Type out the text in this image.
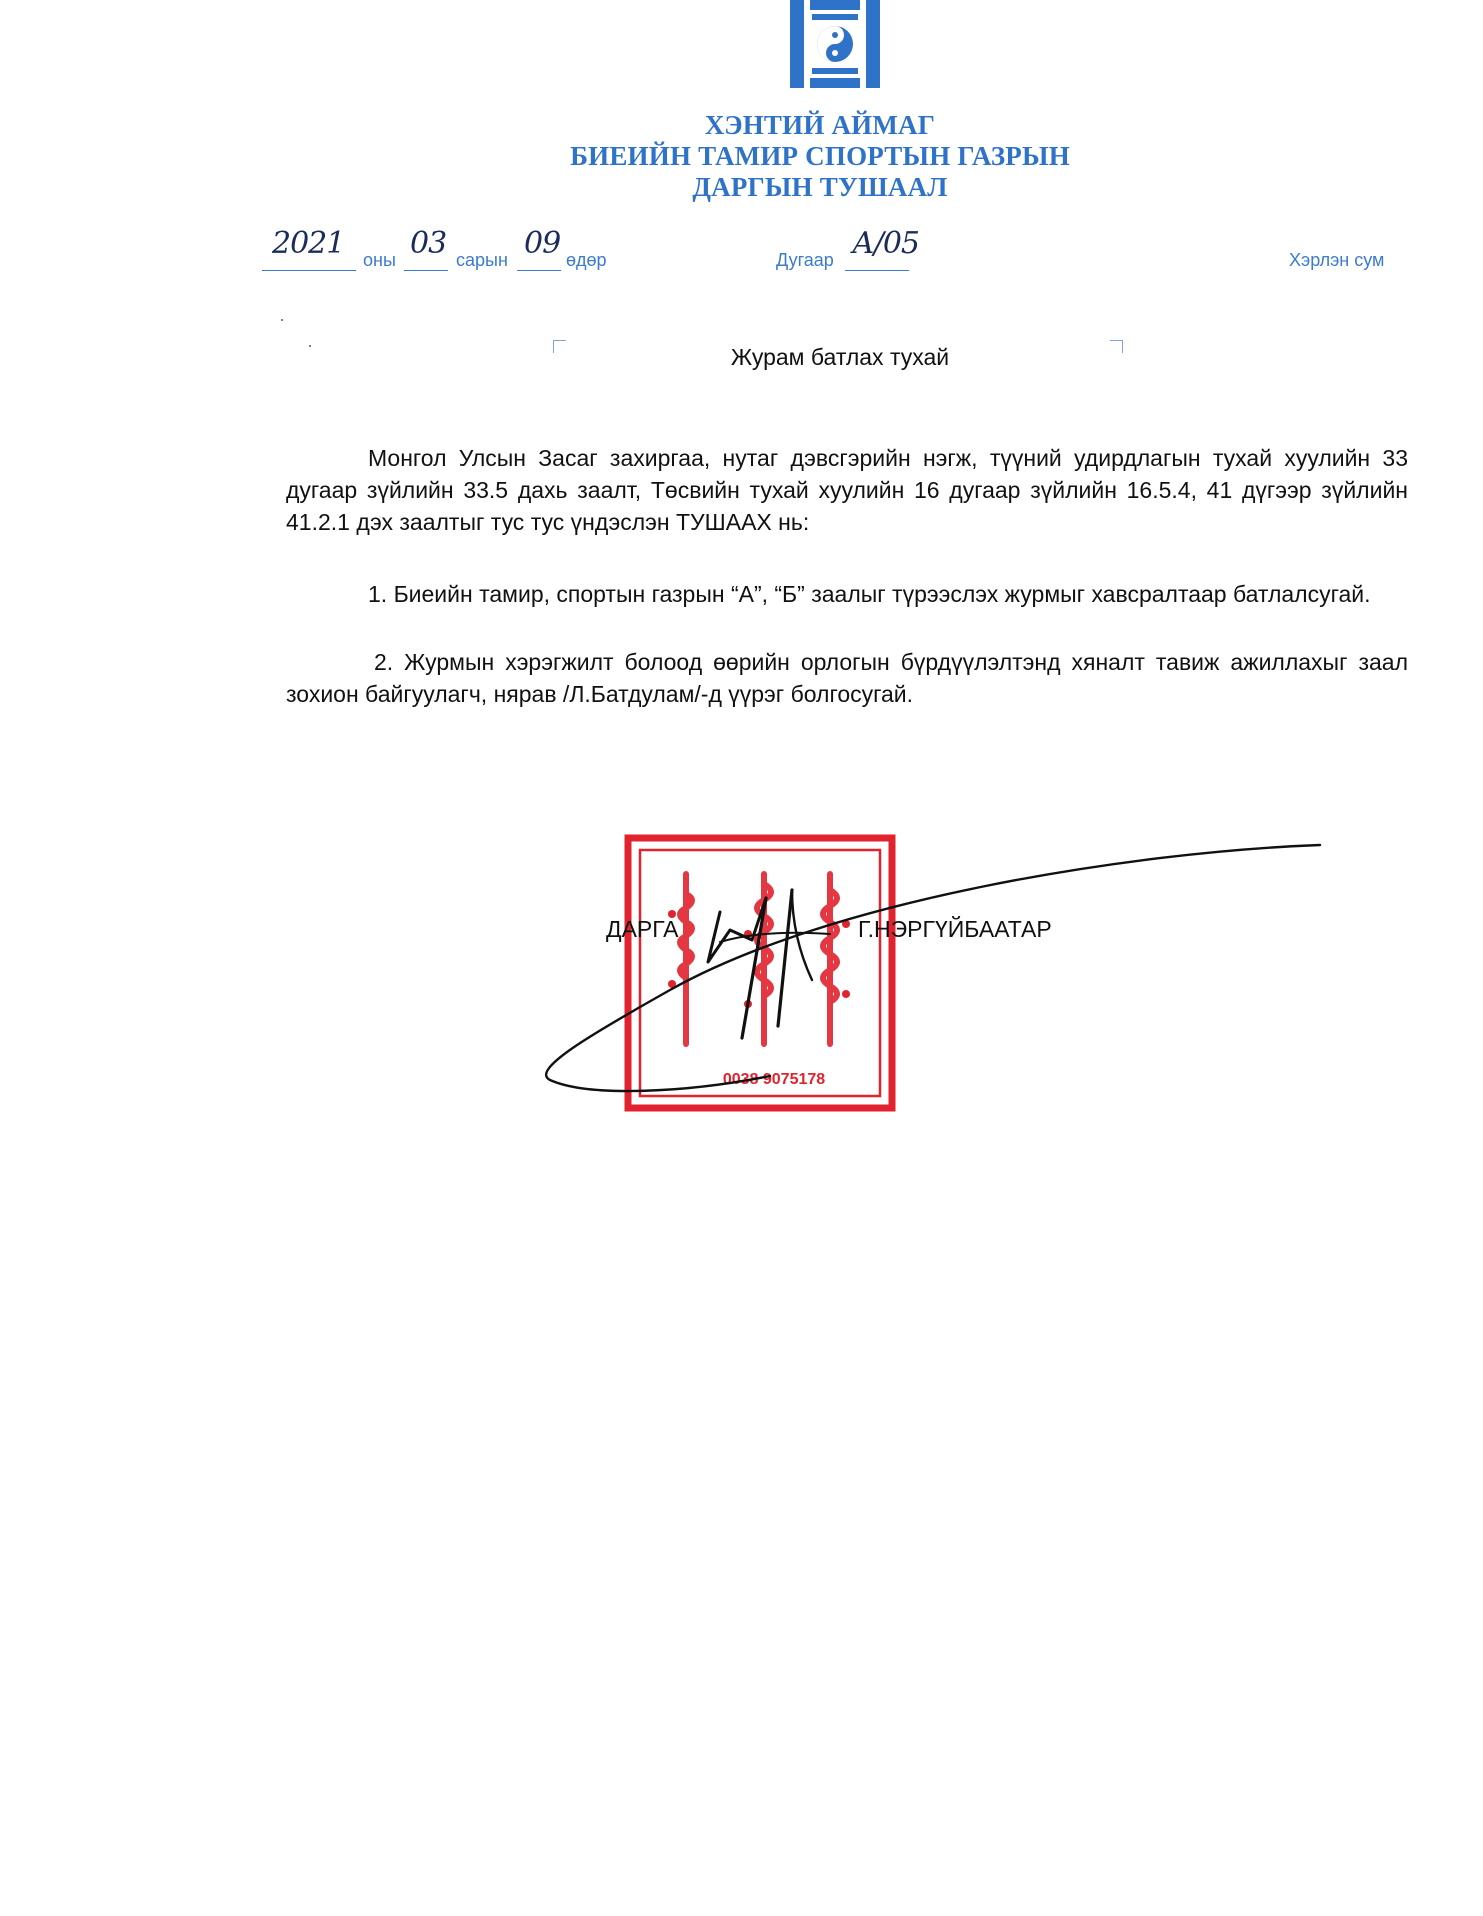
ХЭНТИЙ АЙМАГ
БИЕИЙН ТАМИР СПОРТЫН ГАЗРЫН
ДАРГЫН ТУШААЛ
2021 оны 03 сарын 09 өдөр	Дугаар А/05	Хэрлэн сум
Журам батлах тухай
Монгол Улсын Засаг захиргаа, нутаг дэвсгэрийн нэгж, түүний удирдлагын тухай хуулийн 33 дугаар зүйлийн 33.5 дахь заалт, Төсвийн тухай хуулийн 16 дугаар зүйлийн 16.5.4, 41 дүгээр зүйлийн 41.2.1 дэх заалтыг тус тус үндэслэн ТУШААХ нь:
1. Биеийн тамир, спортын газрын “А”, “Б” заалыг түрээслэх журмыг хавсралтаар батлалсугай.
2. Журмын хэрэгжилт болоод өөрийн орлогын бүрдүүлэлтэнд хяналт тавиж ажиллахыг заал зохион байгуулагч, нярав /Л.Батдулам/-д үүрэг болгосугай.
0038 9075178
ДАРГА	Г.НЭРГҮЙБААТАР
